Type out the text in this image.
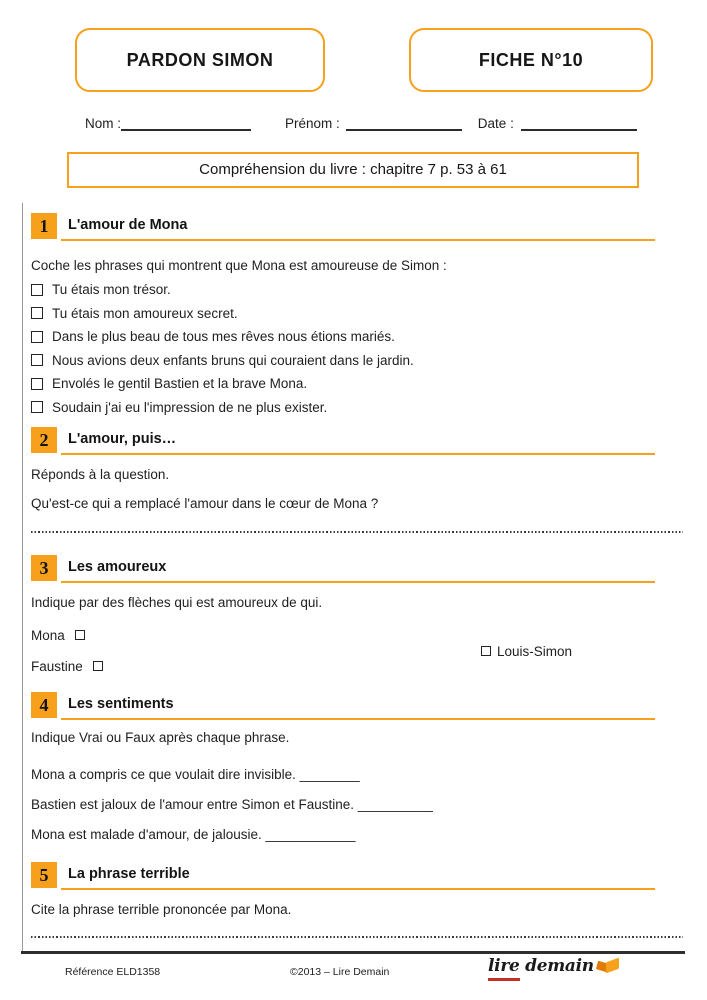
PARDON SIMON	FICHE N°10
Nom :	Prénom :	Date :
Compréhension du livre : chapitre 7 p. 53 à 61
1	L'amour de Mona
Coche les phrases qui montrent que Mona est amoureuse de Simon :
Tu étais mon trésor.
Tu étais mon amoureux secret.
Dans le plus beau de tous mes rêves nous étions mariés.
Nous avions deux enfants bruns qui couraient dans le jardin.
Envolés le gentil Bastien et la brave Mona.
Soudain j'ai eu l'impression de ne plus exister.
2	L'amour, puis…
Réponds à la question.
Qu'est-ce qui a remplacé l'amour dans le cœur de Mona ?
3	Les amoureux
Indique par des flèches qui est amoureux de qui.
Mona
Faustine
Louis-Simon
4	Les sentiments
Indique Vrai ou Faux après chaque phrase.
Mona a compris ce que voulait dire invisible. ________
Bastien est jaloux de l'amour entre Simon et Faustine. __________
Mona est malade d'amour, de jalousie. ____________
5	La phrase terrible
Cite la phrase terrible prononcée par Mona.
Référence ELD1358	©2013 – Lire Demain	lire demain
